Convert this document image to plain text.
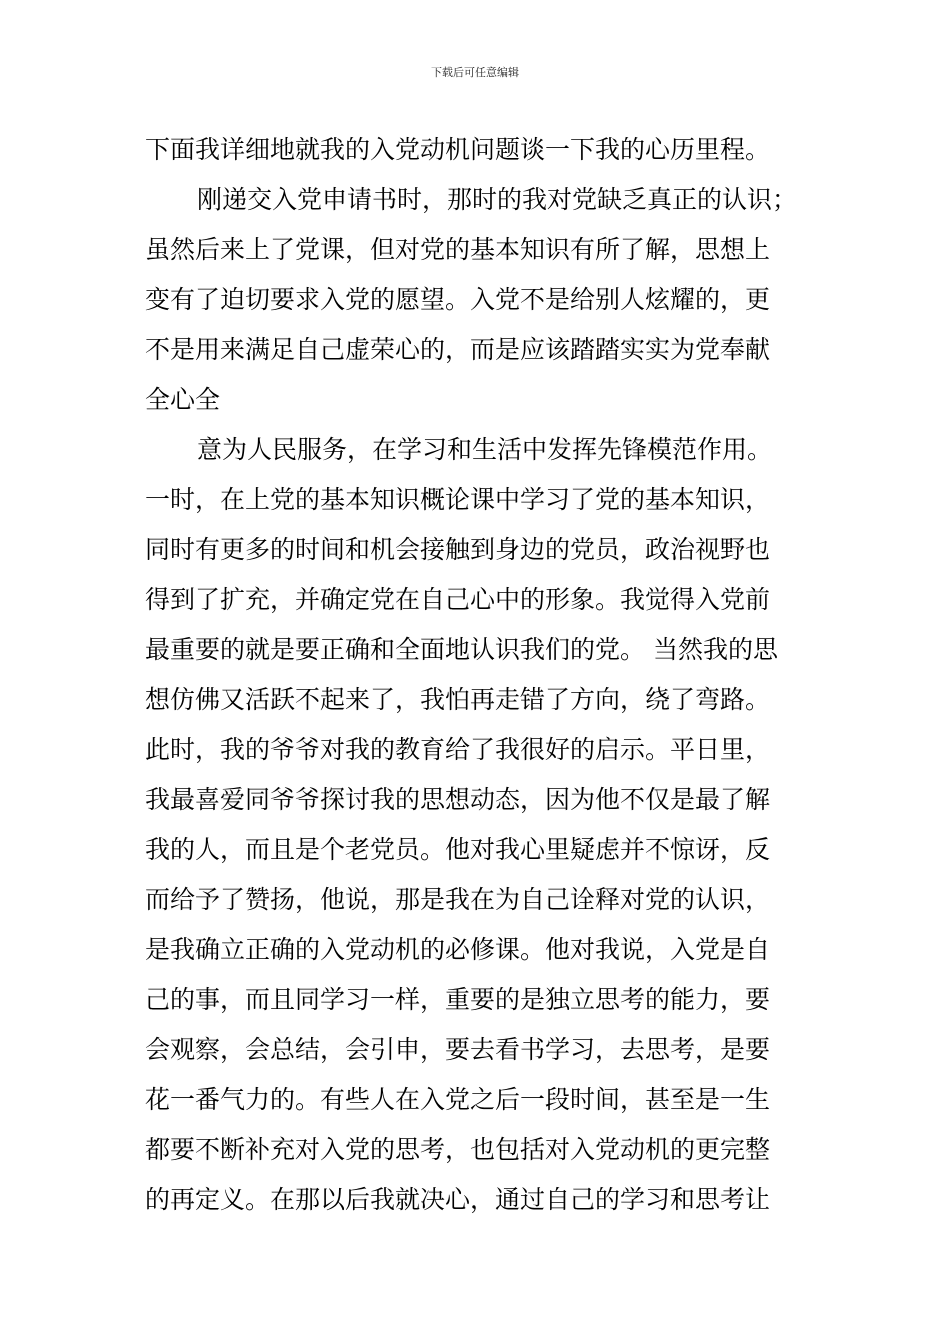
下载后可任意编辑
下面我详细地就我的入党动机问题谈一下我的心历里程。
刚递交入党申请书时，那时的我对党缺乏真正的认识；
虽然后来上了党课，但对党的基本知识有所了解，思想上
变有了迫切要求入党的愿望。入党不是给别人炫耀的，更
不是用来满足自己虚荣心的，而是应该踏踏实实为党奉献
全心全
意为人民服务，在学习和生活中发挥先锋模范作用。
一时，在上党的基本知识概论课中学习了党的基本知识，
同时有更多的时间和机会接触到身边的党员，政治视野也
得到了扩充，并确定党在自己心中的形象。我觉得入党前
最重要的就是要正确和全面地认识我们的党。 当然我的思
想仿佛又活跃不起来了，我怕再走错了方向，绕了弯路。
此时，我的爷爷对我的教育给了我很好的启示。平日里，
我最喜爱同爷爷探讨我的思想动态，因为他不仅是最了解
我的人，而且是个老党员。他对我心里疑虑并不惊讶，反
而给予了赞扬，他说，那是我在为自己诠释对党的认识，
是我确立正确的入党动机的必修课。他对我说，入党是自
己的事，而且同学习一样，重要的是独立思考的能力，要
会观察，会总结，会引申，要去看书学习，去思考，是要
花一番气力的。有些人在入党之后一段时间，甚至是一生
都要不断补充对入党的思考，也包括对入党动机的更完整
的再定义。在那以后我就决心，通过自己的学习和思考让
